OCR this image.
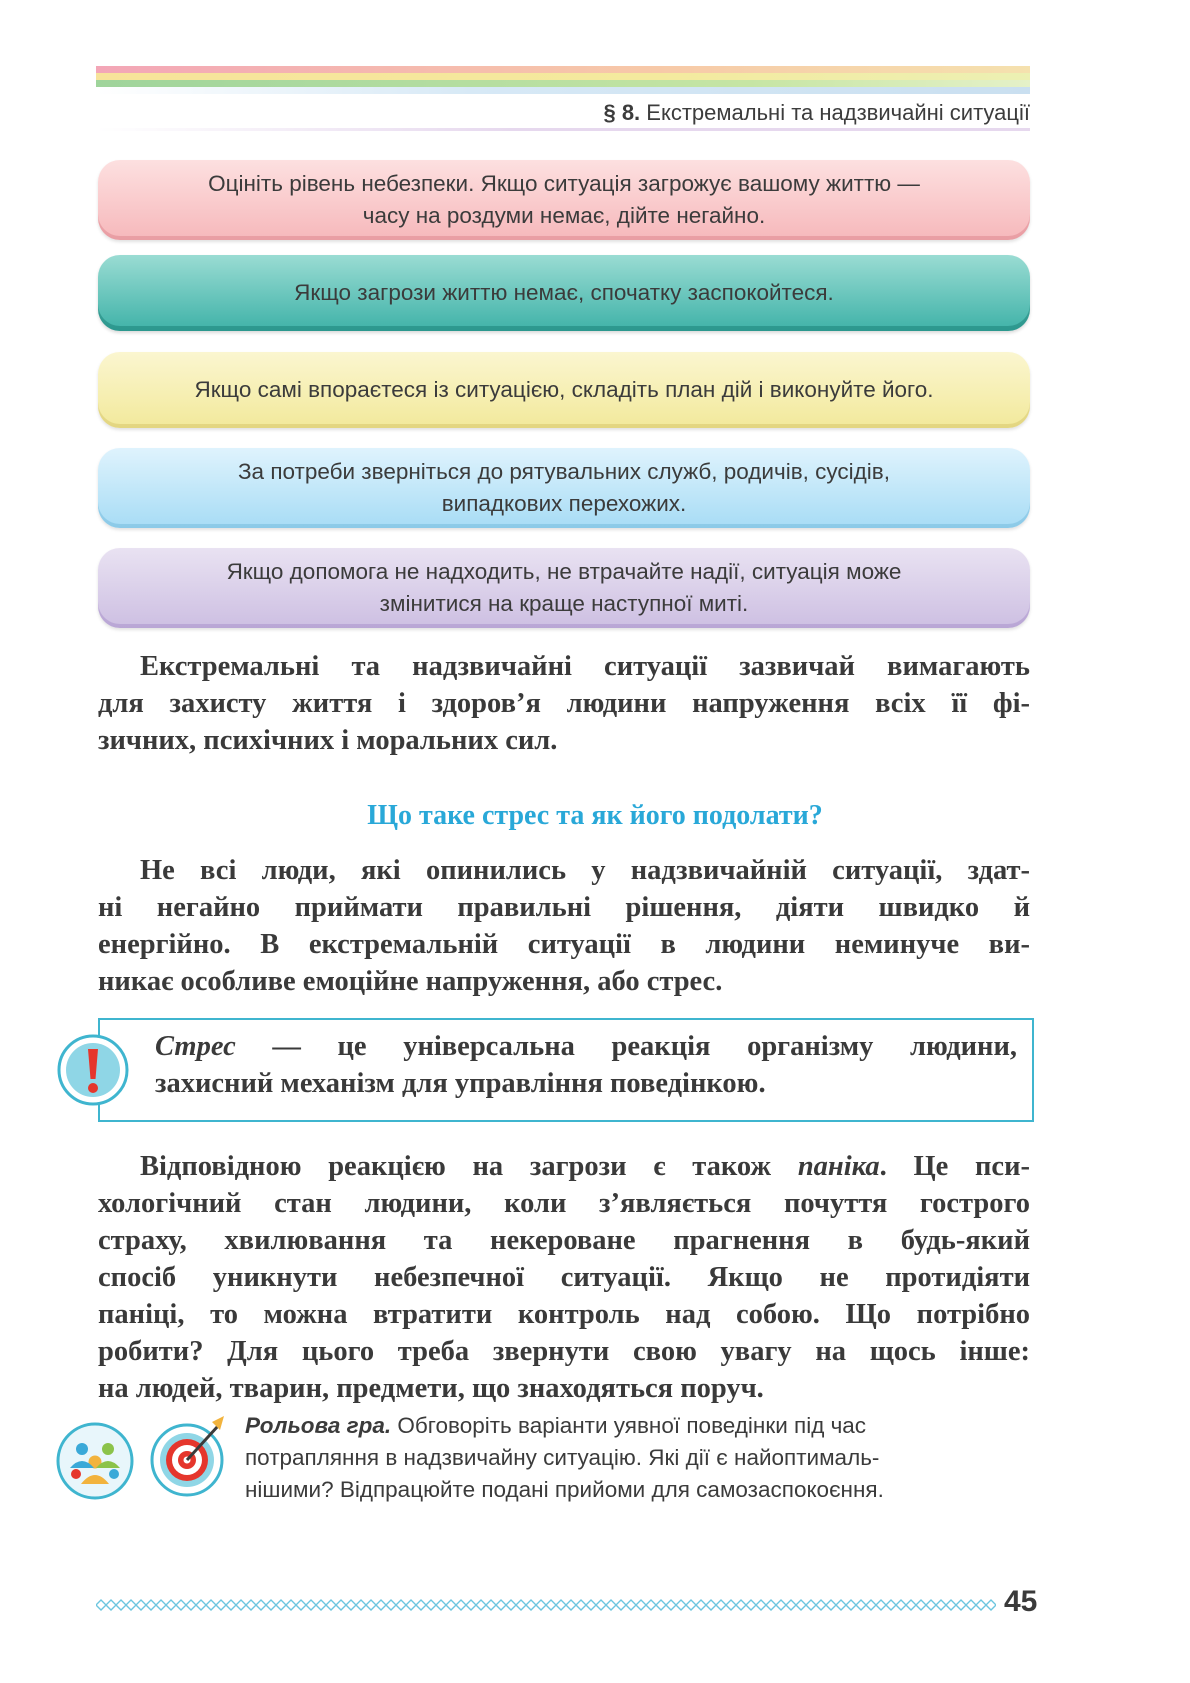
§ 8. Екстремальні та надзвичайні ситуації
Оцініть рівень небезпеки. Якщо ситуація загрожує вашому життю —
часу на роздуми немає, дійте негайно.
Якщо загрози життю немає, спочатку заспокойтеся.
Якщо самі впораєтеся із ситуацією, складіть план дій і виконуйте його.
За потреби зверніться до рятувальних служб, родичів, сусідів,
випадкових перехожих.
Якщо допомога не надходить, не втрачайте надії, ситуація може
змінитися на краще наступної миті.
Екстремальні та надзвичайні ситуації зазвичай вимагають
для захисту життя і здоров’я людини напруження всіх її фі-
зичних, психічних і моральних сил.
Що таке стрес та як його подолати?
Не всі люди, які опинились у надзвичайній ситуації, здат-
ні негайно приймати правильні рішення, діяти швидко й
енергійно. В екстремальній ситуації в людини неминуче ви-
никає особливе емоційне напруження, або стрес.
Стрес — це універсальна реакція організму людини,
захисний механізм для управління поведінкою.
Відповідною реакцією на загрози є також паніка. Це пси-
хологічний стан людини, коли з’являється почуття гострого
страху, хвилювання та некероване прагнення в будь-який
спосіб уникнути небезпечної ситуації. Якщо не протидіяти
паніці, то можна втратити контроль над собою. Що потрібно
робити? Для цього треба звернути свою увагу на щось інше:
на людей, тварин, предмети, що знаходяться поруч.
Рольова гра. Обговоріть варіанти уявної поведінки під час
потрапляння в надзвичайну ситуацію. Які дії є найоптималь-
нішими? Відпрацюйте подані прийоми для самозаспокоєння.
45
